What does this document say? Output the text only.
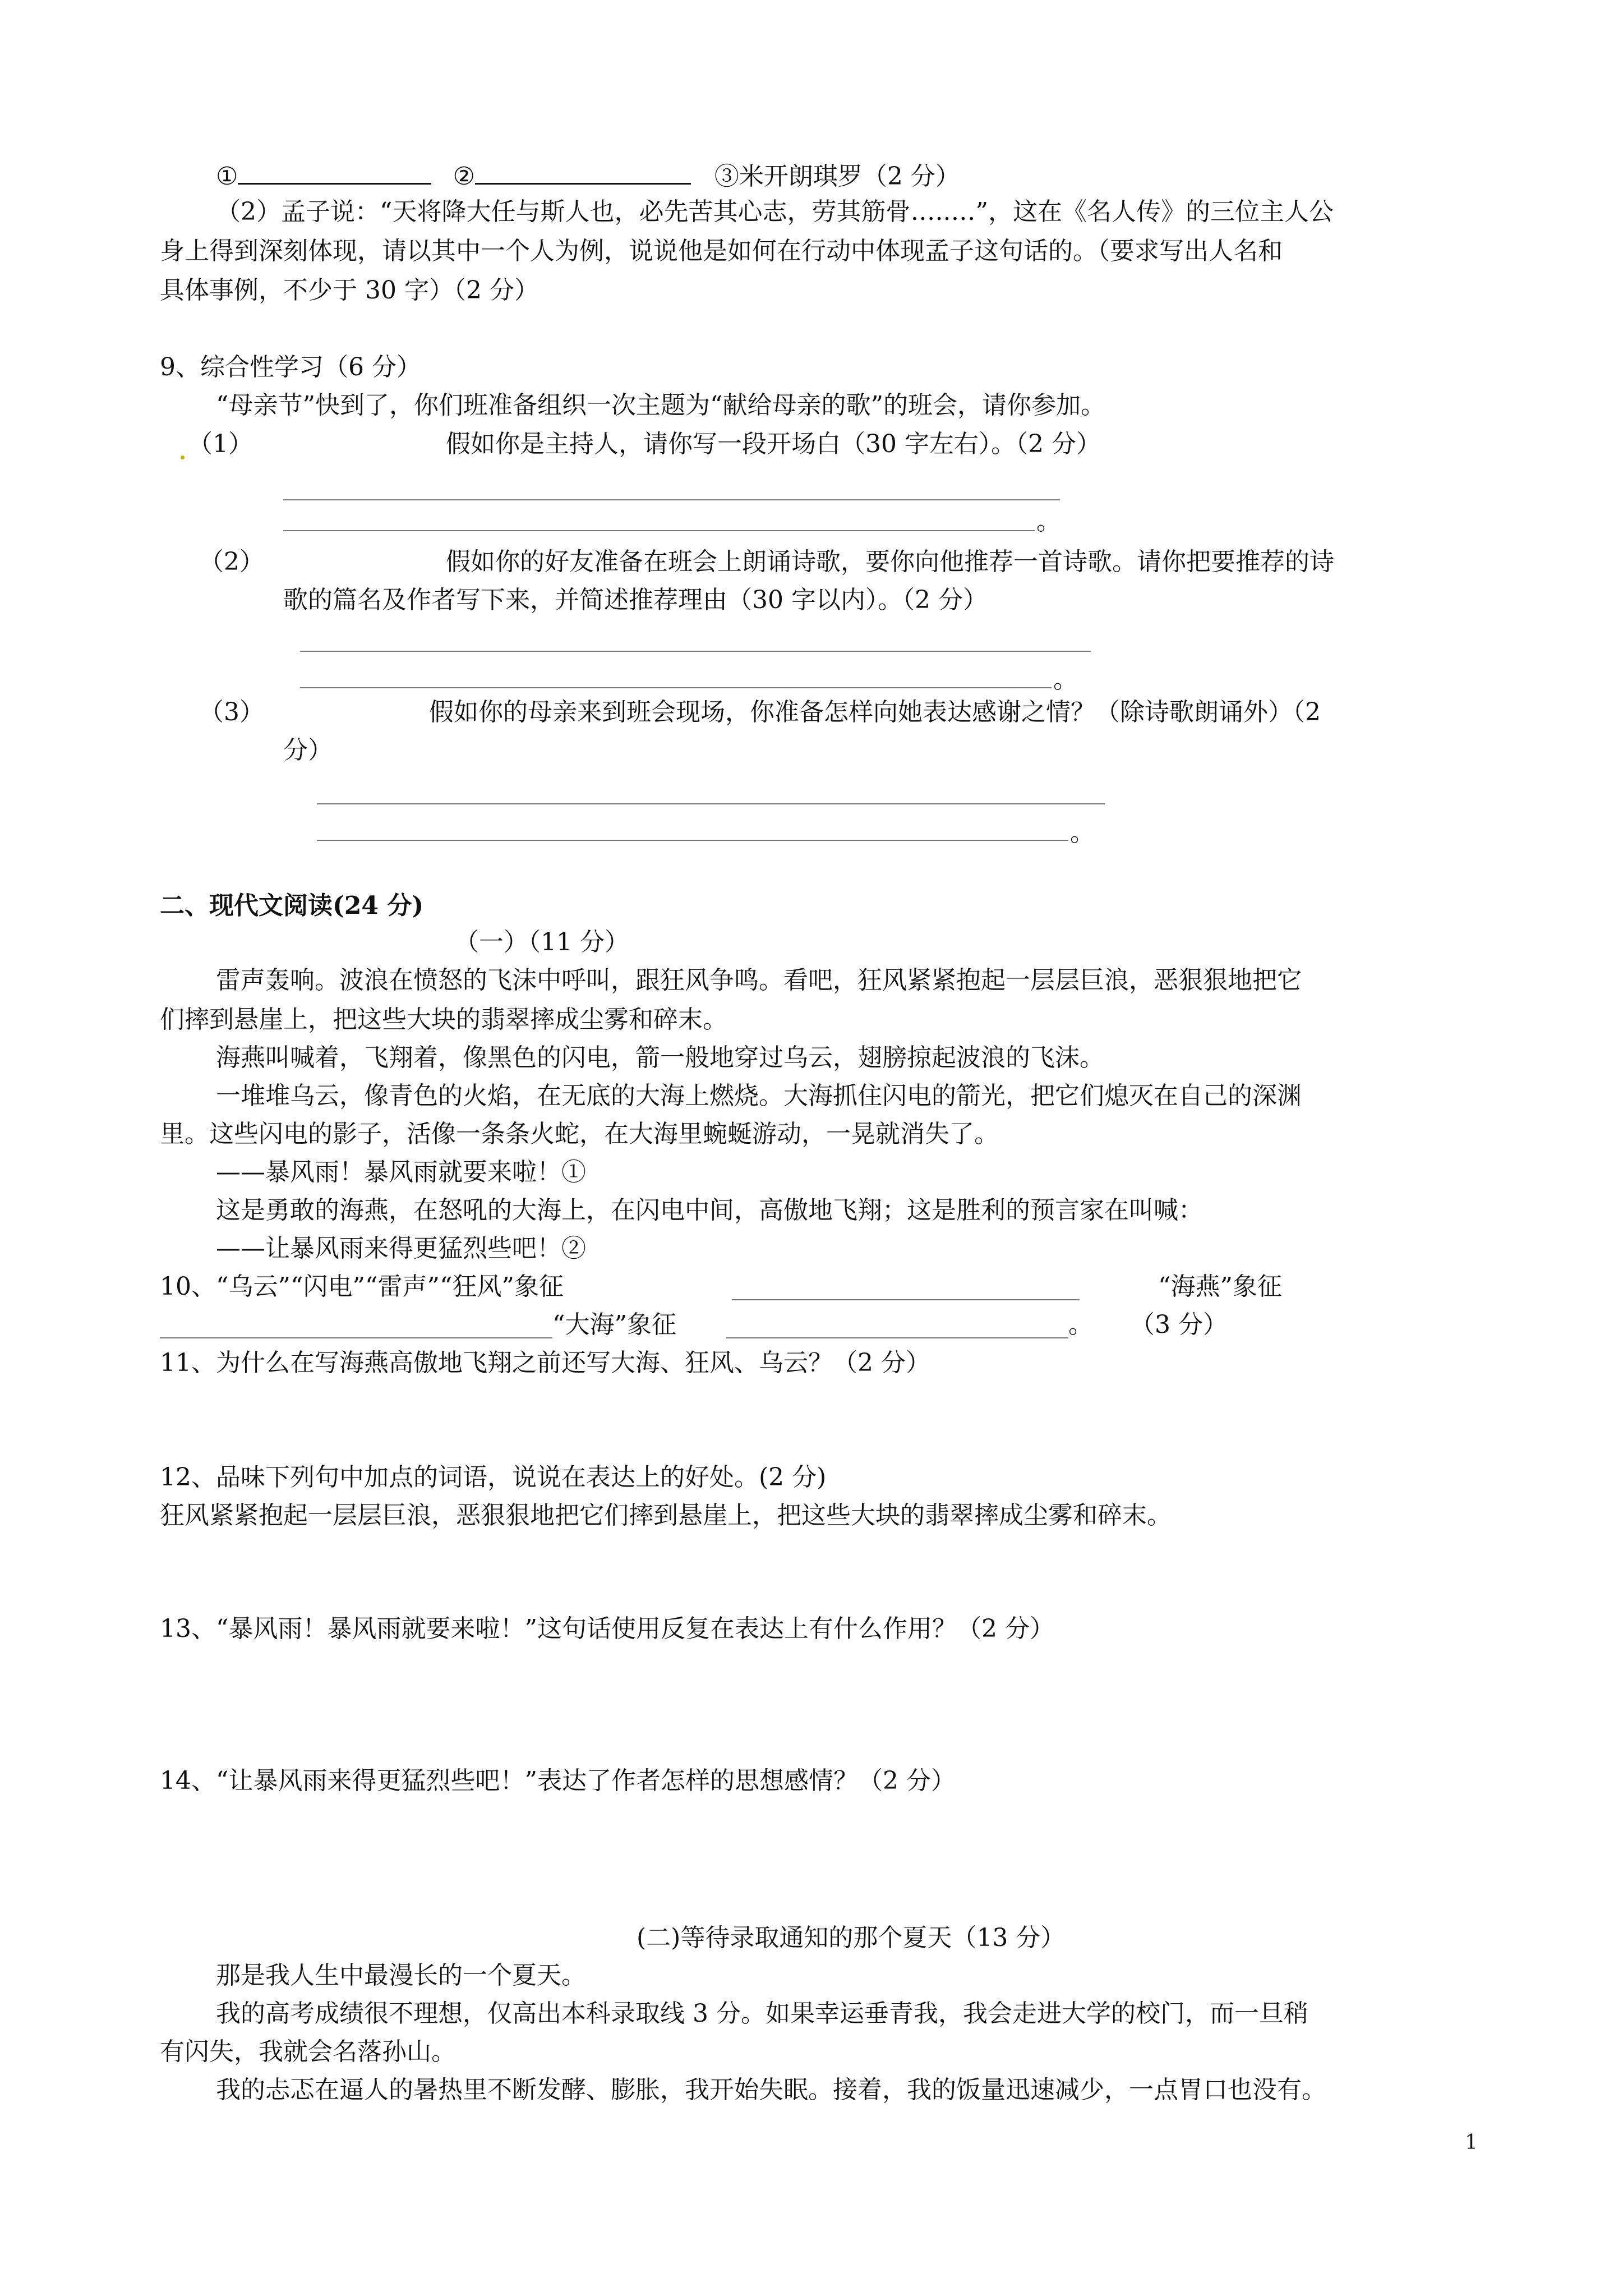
①	②	③米开朗琪罗（2 分）
（2）孟子说：“天将降大任与斯人也，必先苦其心志，劳其筋骨…..…”，这在《名人传》的三位主人公
身上得到深刻体现，请以其中一个人为例，说说他是如何在行动中体现孟子这句话的。（要求写出人名和
具体事例，不少于 30 字）（2 分）
9、综合性学习（6 分）
“母亲节”快到了，你们班准备组织一次主题为“献给母亲的歌”的班会，请你参加。
（1）	假如你是主持人，请你写一段开场白（30 字左右）。（2 分）
。
（2）	假如你的好友准备在班会上朗诵诗歌，要你向他推荐一首诗歌。请你把要推荐的诗
歌的篇名及作者写下来，并简述推荐理由（30 字以内）。（2 分）
。
（3）	假如你的母亲来到班会现场，你准备怎样向她表达感谢之情？（除诗歌朗诵外）（2
分）
。
二、现代文阅读(24 分)
（一）（11 分）
雷声轰响。波浪在愤怒的飞沫中呼叫，跟狂风争鸣。看吧，狂风紧紧抱起一层层巨浪，恶狠狠地把它
们摔到悬崖上，把这些大块的翡翠摔成尘雾和碎末。
海燕叫喊着，飞翔着，像黑色的闪电，箭一般地穿过乌云，翅膀掠起波浪的飞沫。
一堆堆乌云，像青色的火焰，在无底的大海上燃烧。大海抓住闪电的箭光，把它们熄灭在自己的深渊
里。这些闪电的影子，活像一条条火蛇，在大海里蜿蜒游动，一晃就消失了。
——暴风雨！暴风雨就要来啦！①
这是勇敢的海燕，在怒吼的大海上，在闪电中间，高傲地飞翔；这是胜利的预言家在叫喊：
——让暴风雨来得更猛烈些吧！②
10、“乌云”“闪电”“雷声”“狂风”象征	“海燕”象征
“大海”象征	。 （3 分）
11、为什么在写海燕高傲地飞翔之前还写大海、狂风、乌云？（2 分）
12、品味下列句中加点的词语，说说在表达上的好处。(2 分)
狂风紧紧抱起一层层巨浪，恶狠狠地把它们摔到悬崖上，把这些大块的翡翠摔成尘雾和碎末。
13、“暴风雨！暴风雨就要来啦！”这句话使用反复在表达上有什么作用？（2 分）
14、“让暴风雨来得更猛烈些吧！”表达了作者怎样的思想感情？（2 分）
(二)等待录取通知的那个夏天（13 分）
那是我人生中最漫长的一个夏天。
我的高考成绩很不理想，仅高出本科录取线 3 分。如果幸运垂青我，我会走进大学的校门，而一旦稍
有闪失，我就会名落孙山。
我的忐忑在逼人的暑热里不断发酵、膨胀，我开始失眠。接着，我的饭量迅速减少，一点胃口也没有。
1
